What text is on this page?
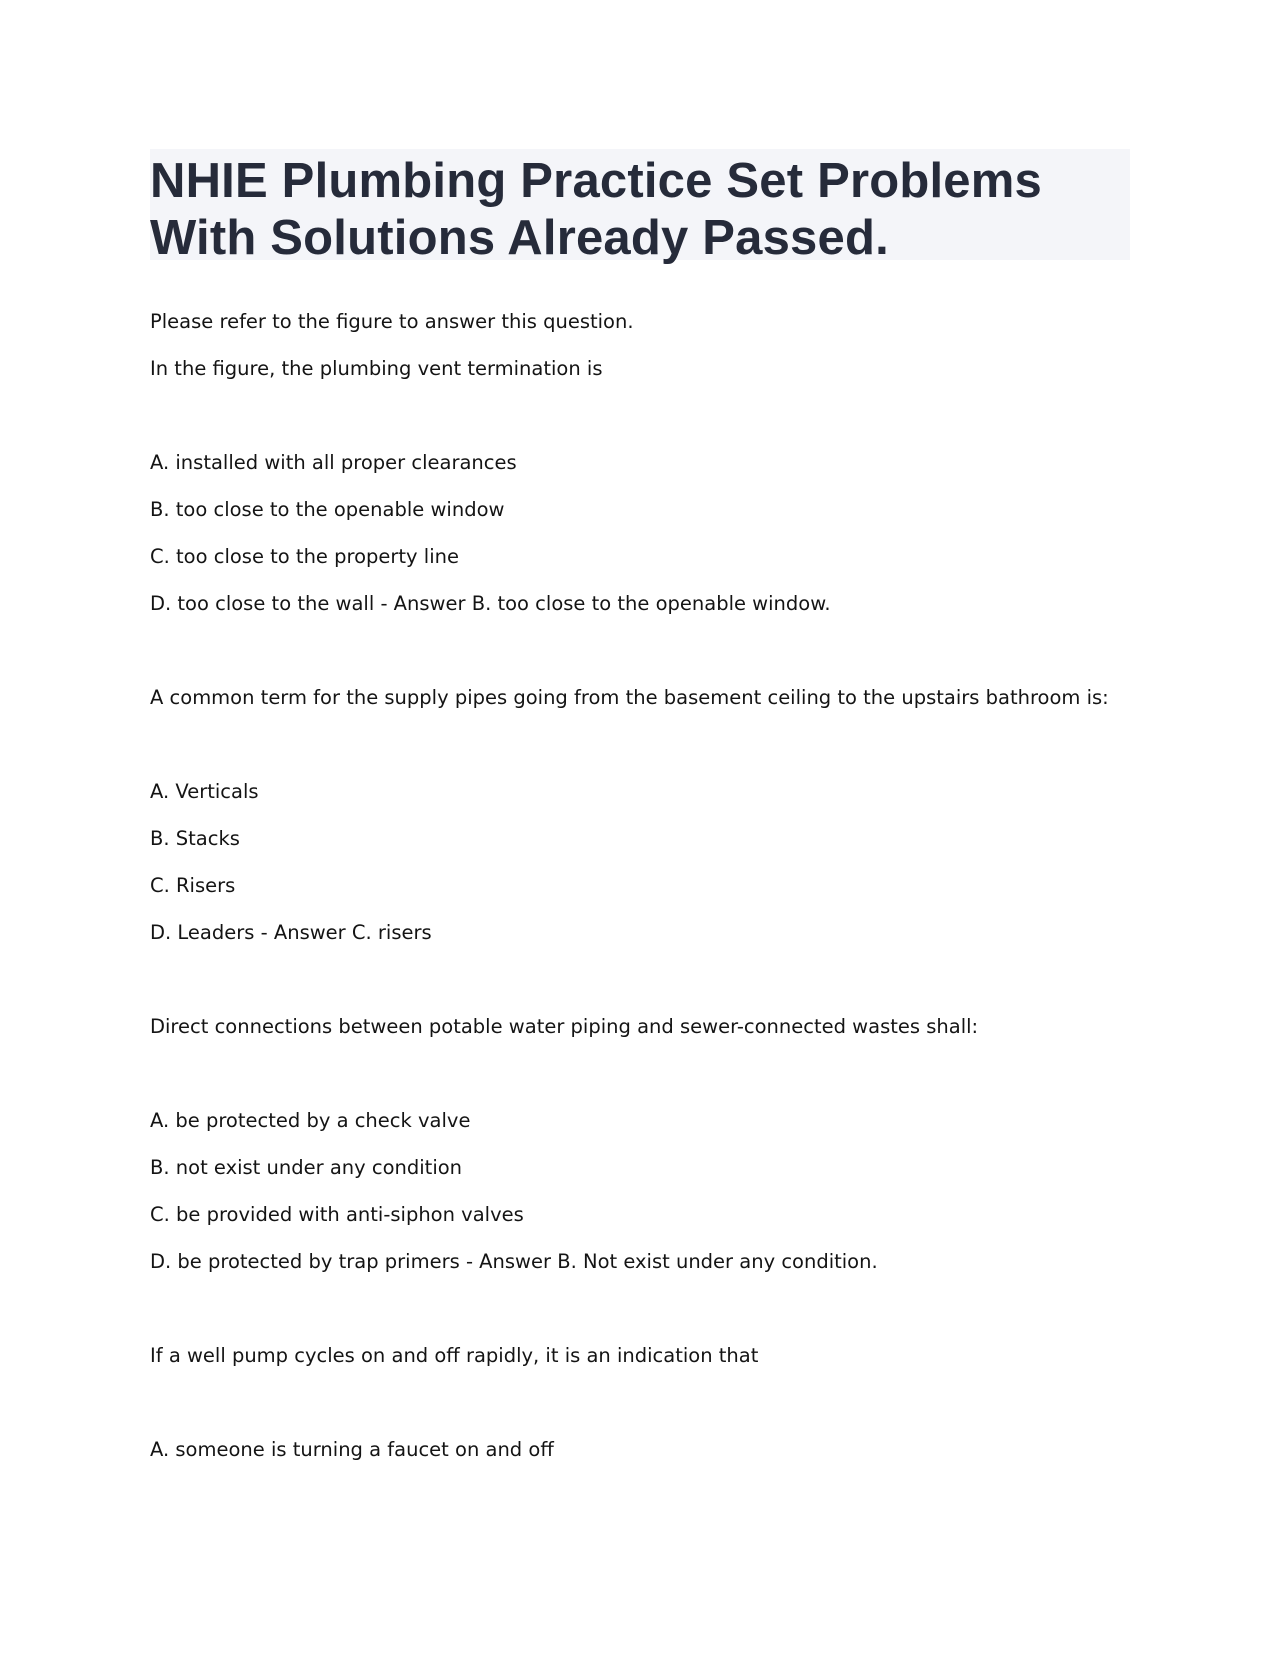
NHIE Plumbing Practice Set Problems With Solutions Already Passed.

Please refer to the figure to answer this question.

In the figure, the plumbing vent termination is

A. installed with all proper clearances

B. too close to the openable window

C. too close to the property line

D. too close to the wall - Answer B. too close to the openable window.

A common term for the supply pipes going from the basement ceiling to the upstairs bathroom is:

A. Verticals

B. Stacks

C. Risers

D. Leaders - Answer C. risers

Direct connections between potable water piping and sewer-connected wastes shall:

A. be protected by a check valve

B. not exist under any condition

C. be provided with anti-siphon valves

D. be protected by trap primers - Answer B. Not exist under any condition.

If a well pump cycles on and off rapidly, it is an indication that

A. someone is turning a faucet on and off
